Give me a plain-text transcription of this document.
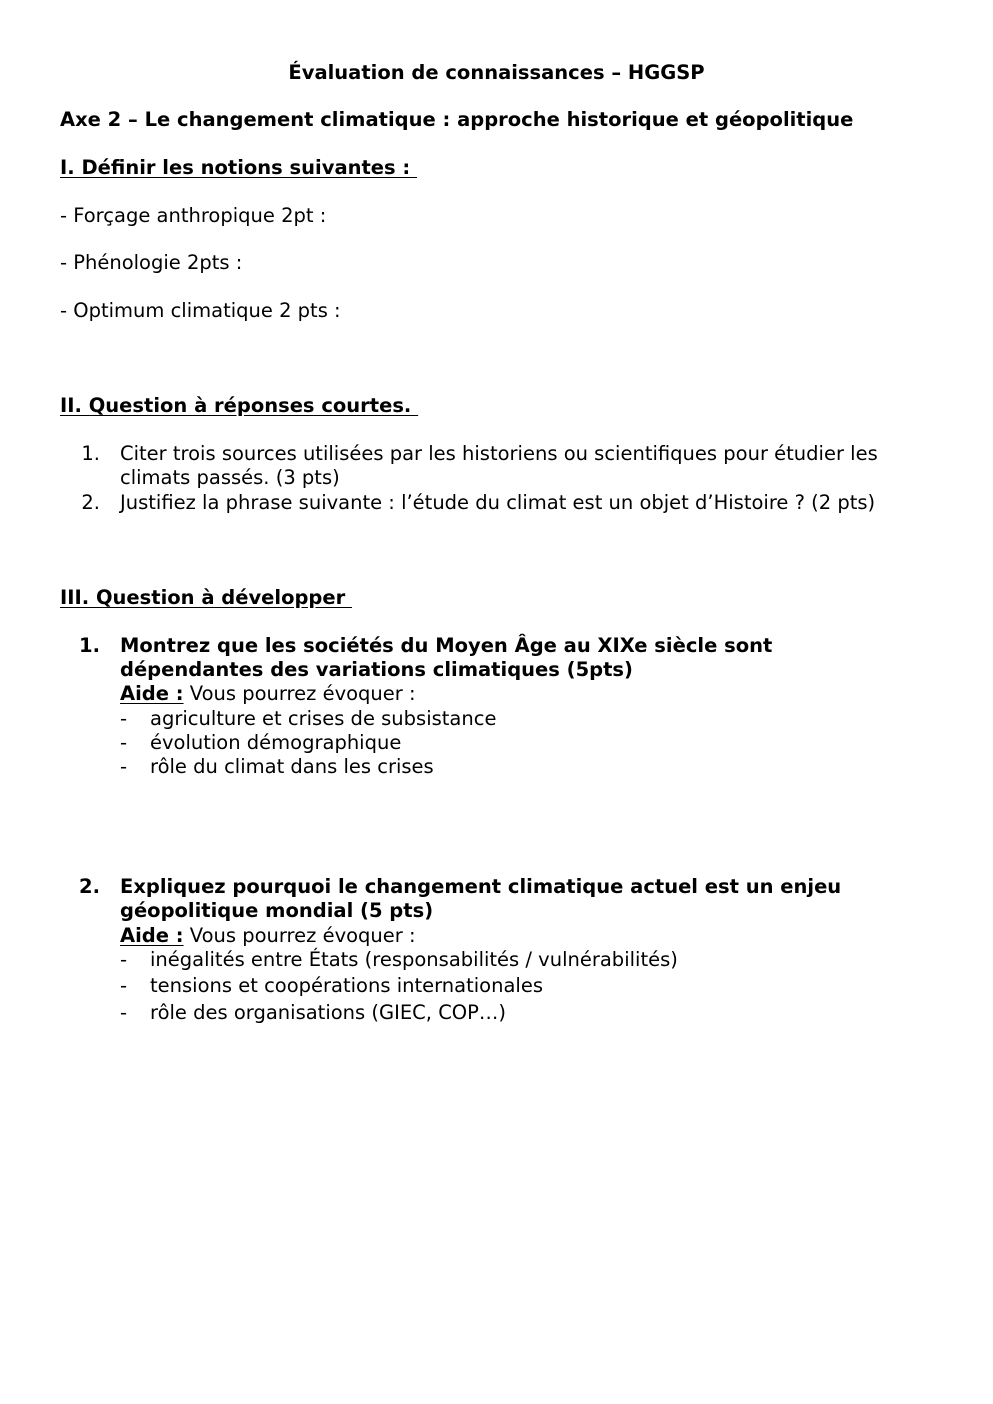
Évaluation de connaissances – HGGSP
Axe 2 – Le changement climatique : approche historique et géopolitique
I. Définir les notions suivantes :
- Forçage anthropique 2pt :
- Phénologie 2pts :
- Optimum climatique 2 pts :
II. Question à réponses courtes.
1. Citer trois sources utilisées par les historiens ou scientifiques pour étudier les
climats passés. (3 pts)
2. Justifiez la phrase suivante : l’étude du climat est un objet d’Histoire ? (2 pts)
III. Question à développer
1. Montrez que les sociétés du Moyen Âge au XIXe siècle sont
dépendantes des variations climatiques (5pts)
Aide : Vous pourrez évoquer :
- agriculture et crises de subsistance
- évolution démographique
- rôle du climat dans les crises
2. Expliquez pourquoi le changement climatique actuel est un enjeu
géopolitique mondial (5 pts)
Aide : Vous pourrez évoquer :
- inégalités entre États (responsabilités / vulnérabilités)
- tensions et coopérations internationales
- rôle des organisations (GIEC, COP…)
